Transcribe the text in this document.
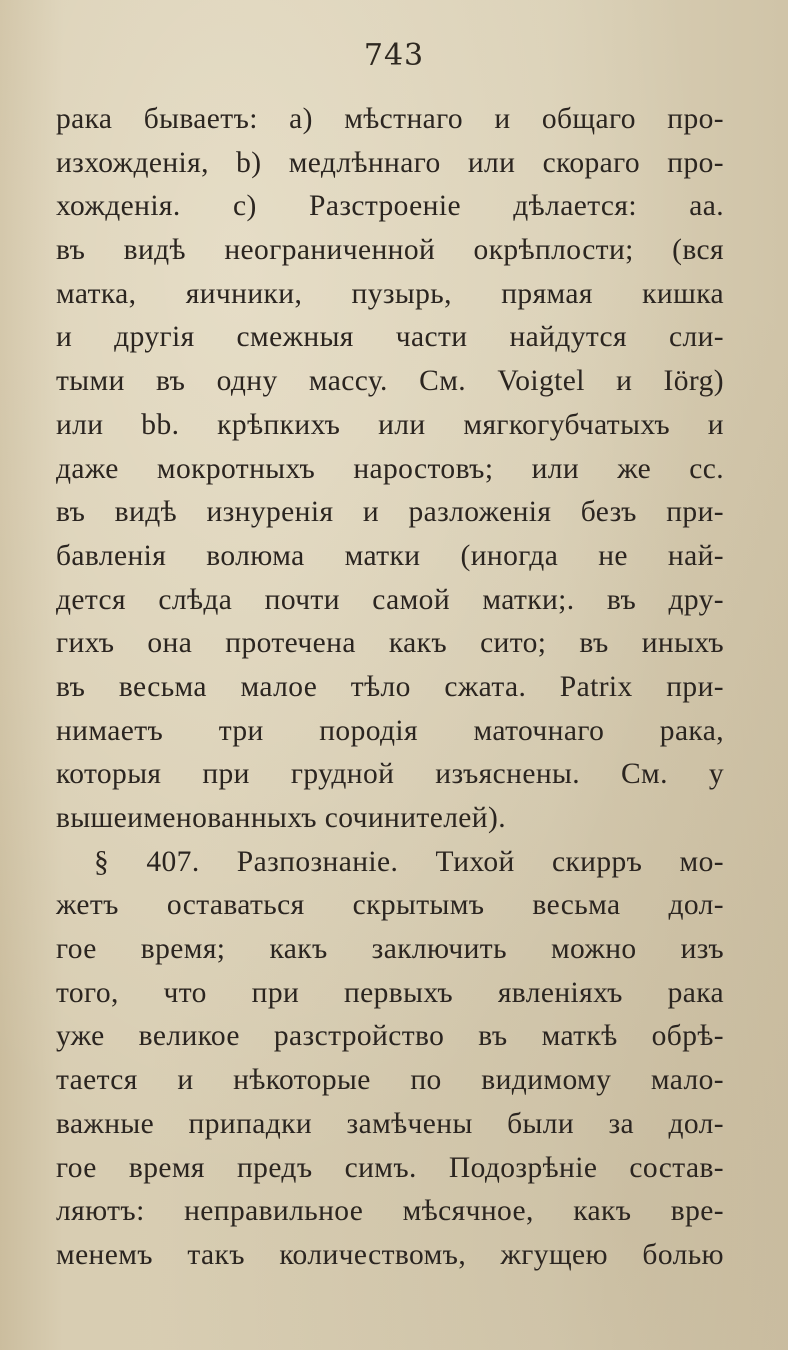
743
рака бываетъ: а) мѣстнаго и общаго про-
изхожденія, b) медлѣннаго или скораго про-
хожденія. с) Разстроеніе дѣлается: аа.
въ видѣ неограниченной окрѣплости; (вся
матка, яичники, пузырь, прямая кишка
и другія смежныя части найдутся сли-
тыми въ одну массу. См. Voigtel и Iörg)
или bb. крѣпкихъ или мягкогубчатыхъ и
даже мокротныхъ наростовъ; или же сс.
въ видѣ изнуренія и разложенія безъ при-
бавленія волюма матки (иногда не най-
дется слѣда почти самой матки;. въ дру-
гихъ она протечена какъ сито; въ иныхъ
въ весьма малое тѣло сжата. Patrix при-
нимаетъ три породія маточнаго рака,
которыя при грудной изъяснены. См. у
вышеименованныхъ сочинителей).
§ 407. Разпознаніе. Тихой скирръ мо-
жетъ оставаться скрытымъ весьма дол-
гое время; какъ заключить можно изъ
того, что при первыхъ явленіяхъ рака
уже великое разстройство въ маткѣ обрѣ-
тается и нѣкоторые по видимому мало-
важные припадки замѣчены были за дол-
гое время предъ симъ. Подозрѣніе состав-
ляютъ: неправильное мѣсячное, какъ вре-
менемъ такъ количествомъ, жгущею болью
